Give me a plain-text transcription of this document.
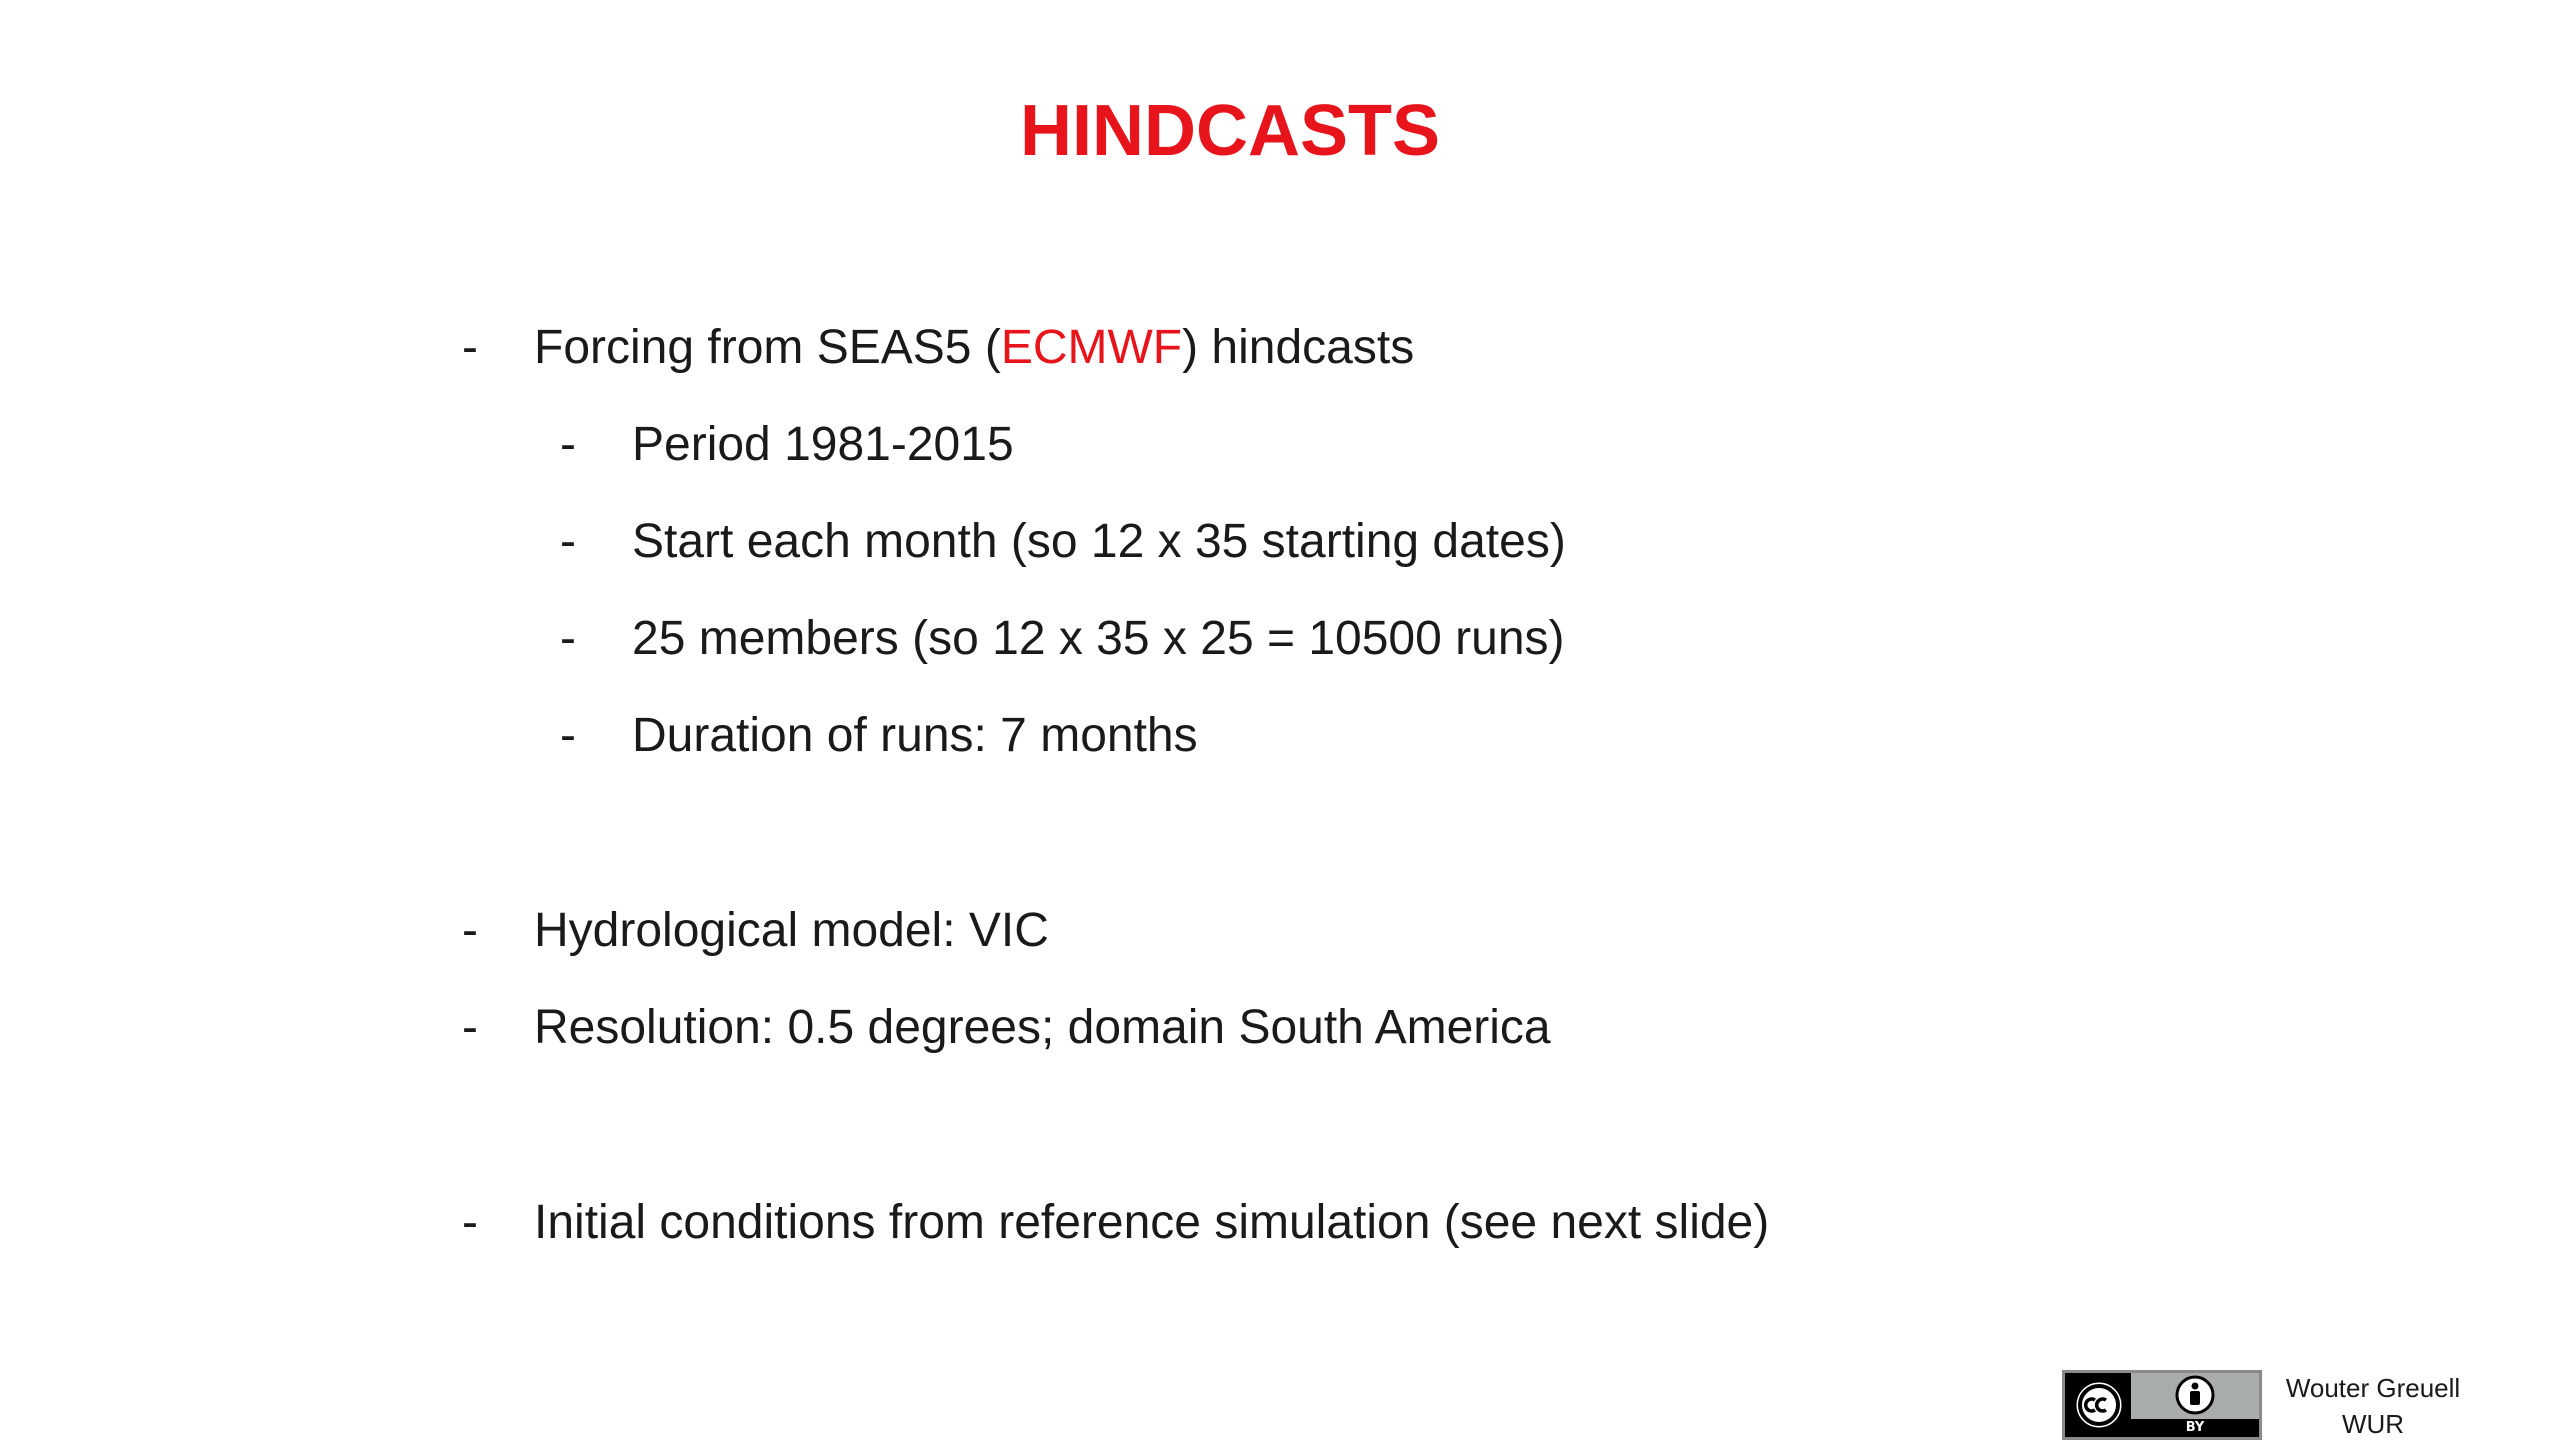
HINDCASTS
-	Forcing from SEAS5 (ECMWF) hindcasts
-	Period 1981-2015
-	Start each month (so 12 x 35 starting dates)
-	25 members (so 12 x 35 x 25 = 10500 runs)
-	Duration of runs: 7 months
-	Hydrological model: VIC
-	Resolution: 0.5 degrees; domain South America
-	Initial conditions from reference simulation (see next slide)
BY
Wouter Greuell
WUR
